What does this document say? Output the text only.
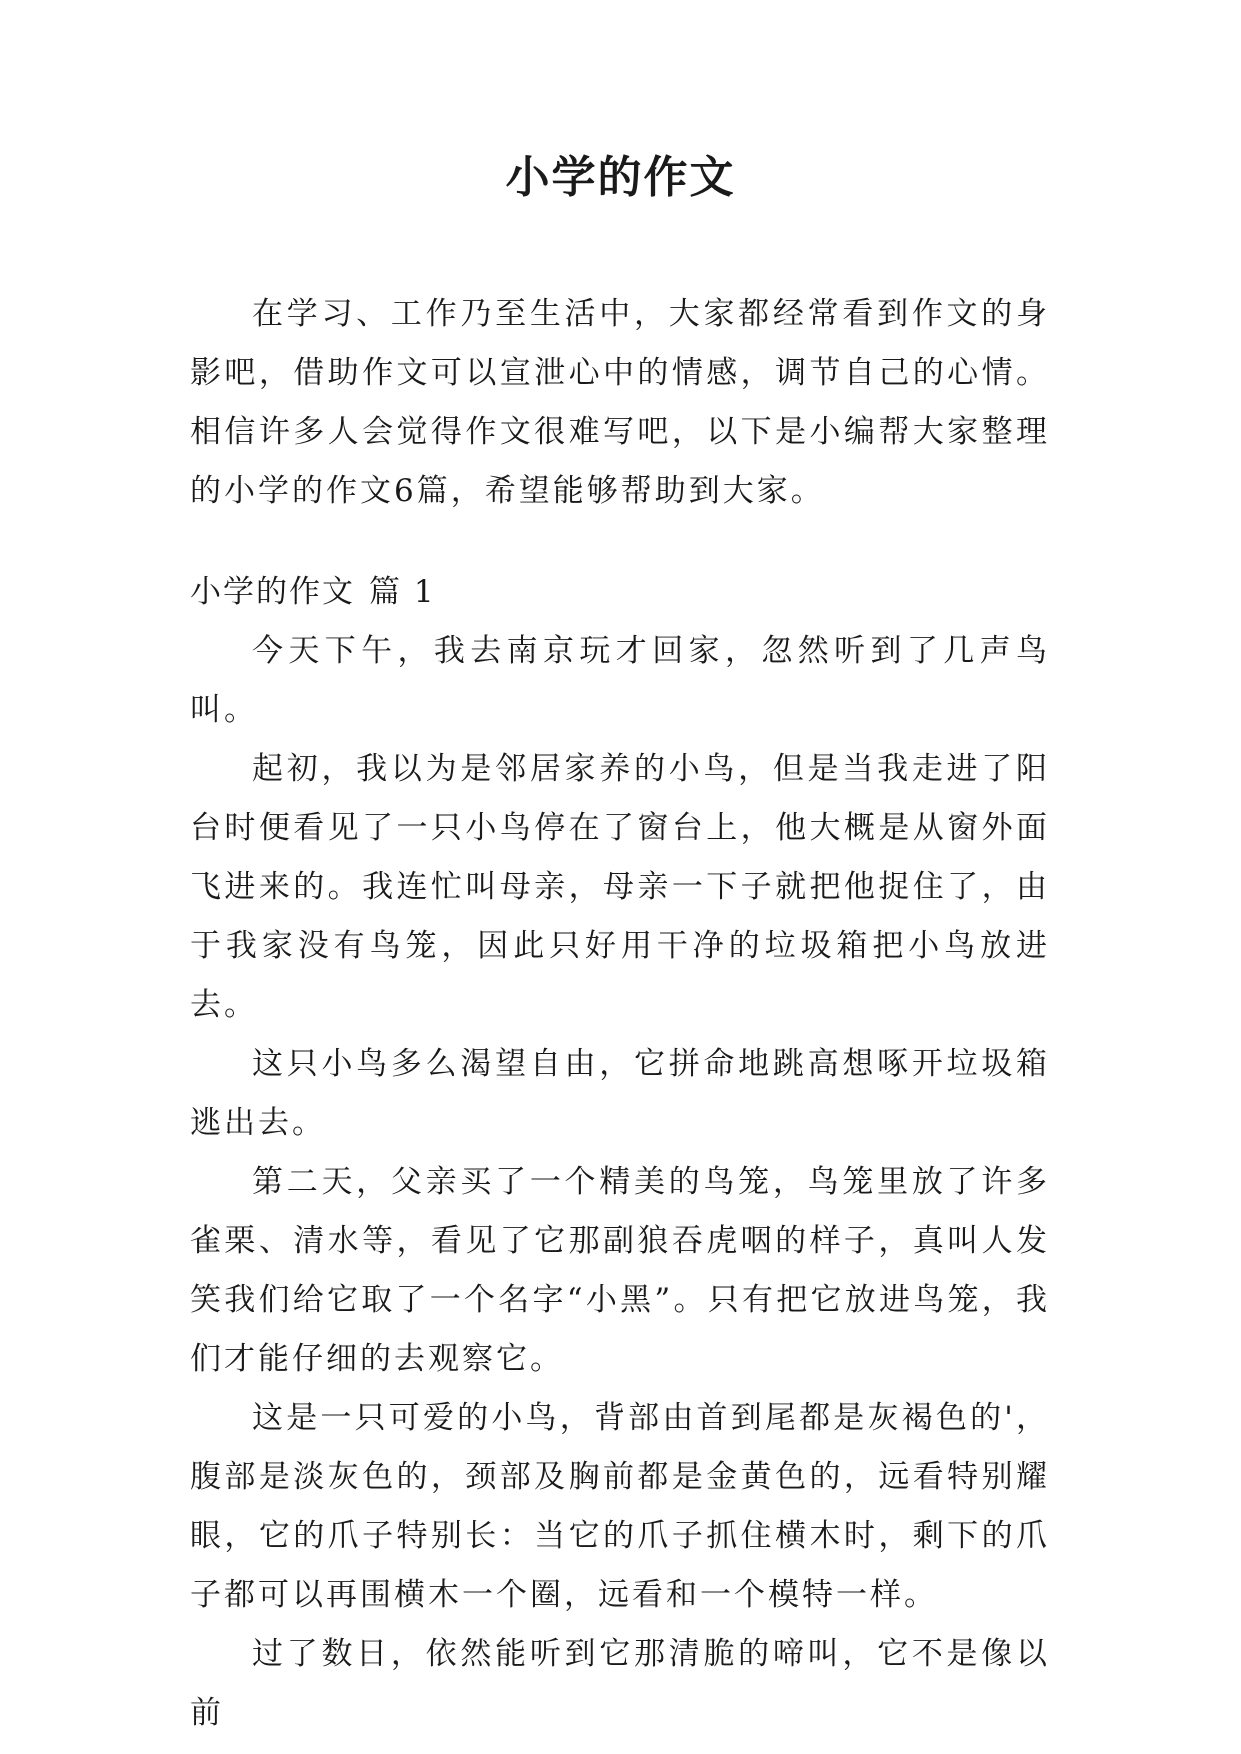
小学的作文

在学习、工作乃至生活中，大家都经常看到作文的身影吧，借助作文可以宣泄心中的情感，调节自己的心情。相信许多人会觉得作文很难写吧，以下是小编帮大家整理的小学的作文6篇，希望能够帮助到大家。

小学的作文 篇 1

今天下午，我去南京玩才回家，忽然听到了几声鸟叫。

起初，我以为是邻居家养的小鸟，但是当我走进了阳台时便看见了一只小鸟停在了窗台上，他大概是从窗外面飞进来的。我连忙叫母亲，母亲一下子就把他捉住了，由于我家没有鸟笼，因此只好用干净的垃圾箱把小鸟放进去。

这只小鸟多么渴望自由，它拼命地跳高想啄开垃圾箱逃出去。

第二天，父亲买了一个精美的鸟笼，鸟笼里放了许多雀栗、清水等，看见了它那副狼吞虎咽的样子，真叫人发笑我们给它取了一个名字“小黑”。只有把它放进鸟笼，我们才能仔细的去观察它。

这是一只可爱的小鸟，背部由首到尾都是灰褐色的'，腹部是淡灰色的，颈部及胸前都是金黄色的，远看特别耀眼，它的爪子特别长：当它的爪子抓住横木时，剩下的爪子都可以再围横木一个圈，远看和一个模特一样。

过了数日，依然能听到它那清脆的啼叫，它不是像以前
